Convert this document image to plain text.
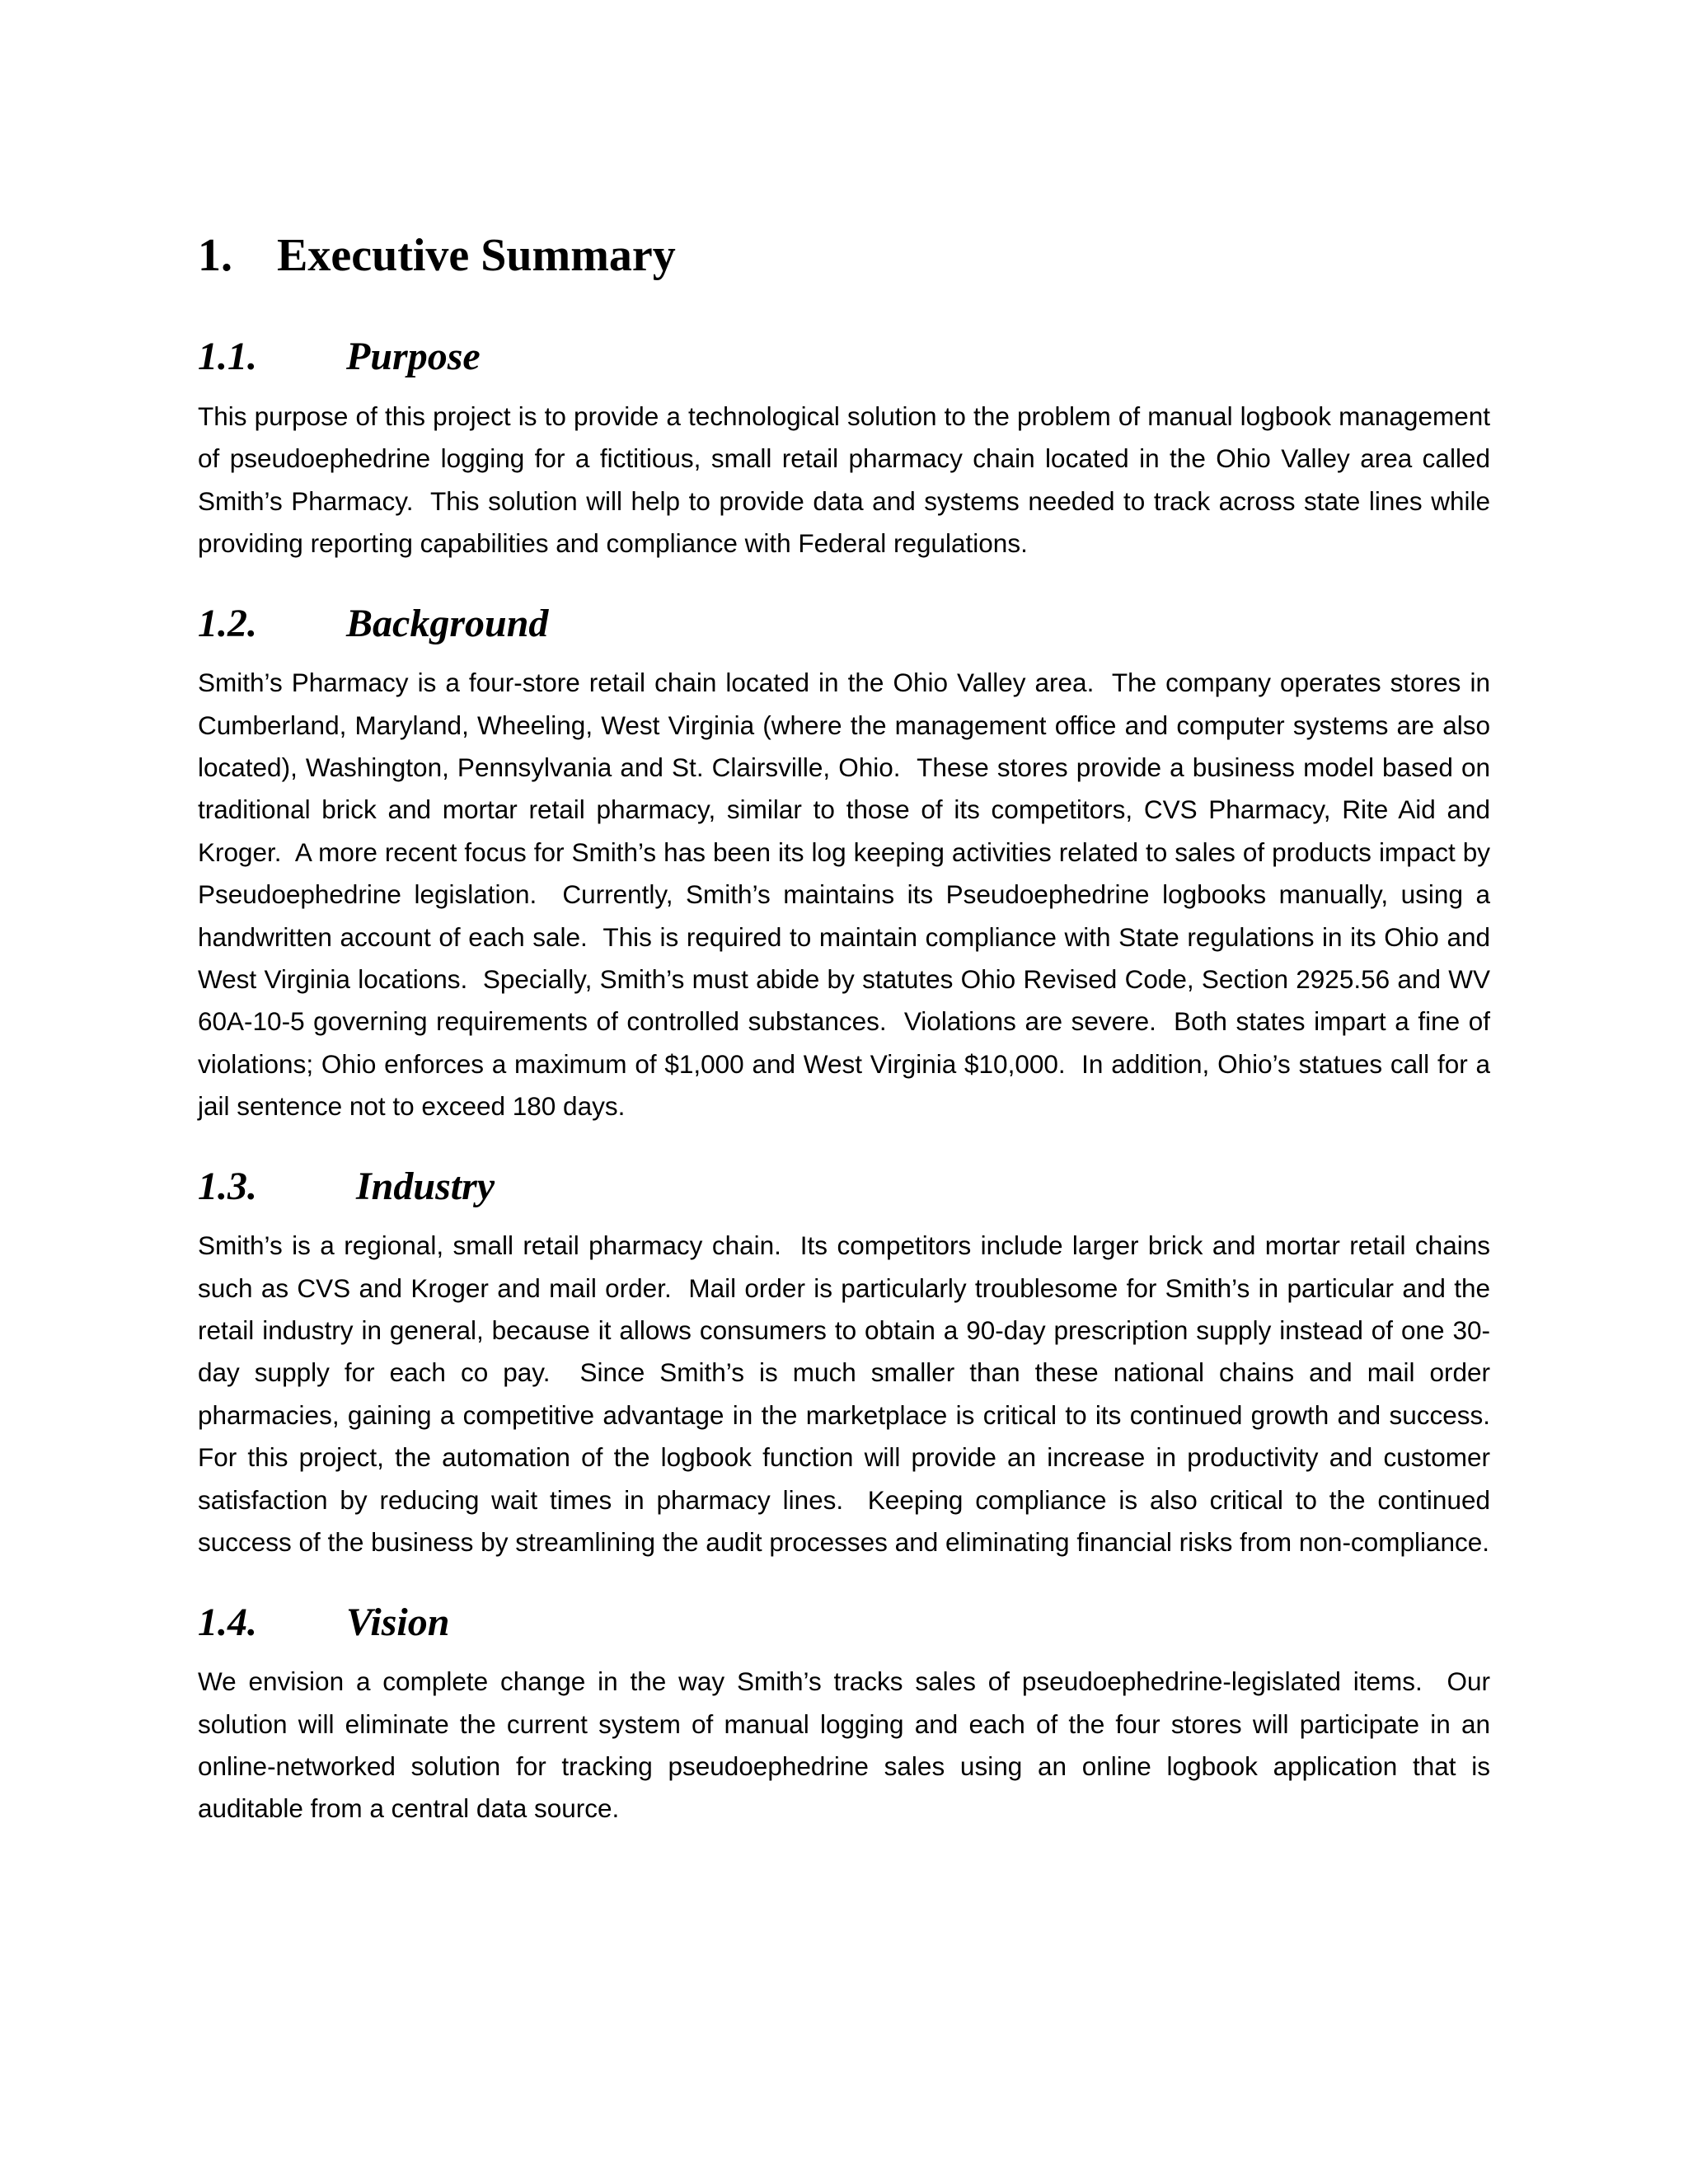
1. Executive Summary
1.1.	Purpose

This purpose of this project is to provide a technological solution to the problem of manual logbook management of pseudoephedrine logging for a fictitious, small retail pharmacy chain located in the Ohio Valley area called Smith’s Pharmacy.  This solution will help to provide data and systems needed to track across state lines while providing reporting capabilities and compliance with Federal regulations.

1.2.	Background

Smith’s Pharmacy is a four-store retail chain located in the Ohio Valley area.  The company operates stores in Cumberland, Maryland, Wheeling, West Virginia (where the management office and computer systems are also located), Washington, Pennsylvania and St. Clairsville, Ohio.  These stores provide a business model based on traditional brick and mortar retail pharmacy, similar to those of its competitors, CVS Pharmacy, Rite Aid and Kroger.  A more recent focus for Smith’s has been its log keeping activities related to sales of products impact by Pseudoephedrine legislation.  Currently, Smith’s maintains its Pseudoephedrine logbooks manually, using a handwritten account of each sale.  This is required to maintain compliance with State regulations in its Ohio and West Virginia locations.  Specially, Smith’s must abide by statutes Ohio Revised Code, Section 2925.56 and WV 60A-10-5 governing requirements of controlled substances.  Violations are severe.  Both states impart a fine of violations; Ohio enforces a maximum of $1,000 and West Virginia $10,000.  In addition, Ohio’s statues call for a jail sentence not to exceed 180 days.

1.3.	Industry

Smith’s is a regional, small retail pharmacy chain.  Its competitors include larger brick and mortar retail chains such as CVS and Kroger and mail order.  Mail order is particularly troublesome for Smith’s in particular and the retail industry in general, because it allows consumers to obtain a 90-day prescription supply instead of one 30-day supply for each co pay.  Since Smith’s is much smaller than these national chains and mail order pharmacies, gaining a competitive advantage in the marketplace is critical to its continued growth and success.  For this project, the automation of the logbook function will provide an increase in productivity and customer satisfaction by reducing wait times in pharmacy lines.  Keeping compliance is also critical to the continued success of the business by streamlining the audit processes and eliminating financial risks from non-compliance.

1.4.	Vision

We envision a complete change in the way Smith’s tracks sales of pseudoephedrine-legislated items.  Our solution will eliminate the current system of manual logging and each of the four stores will participate in an online-networked solution for tracking pseudoephedrine sales using an online logbook application that is auditable from a central data source.
